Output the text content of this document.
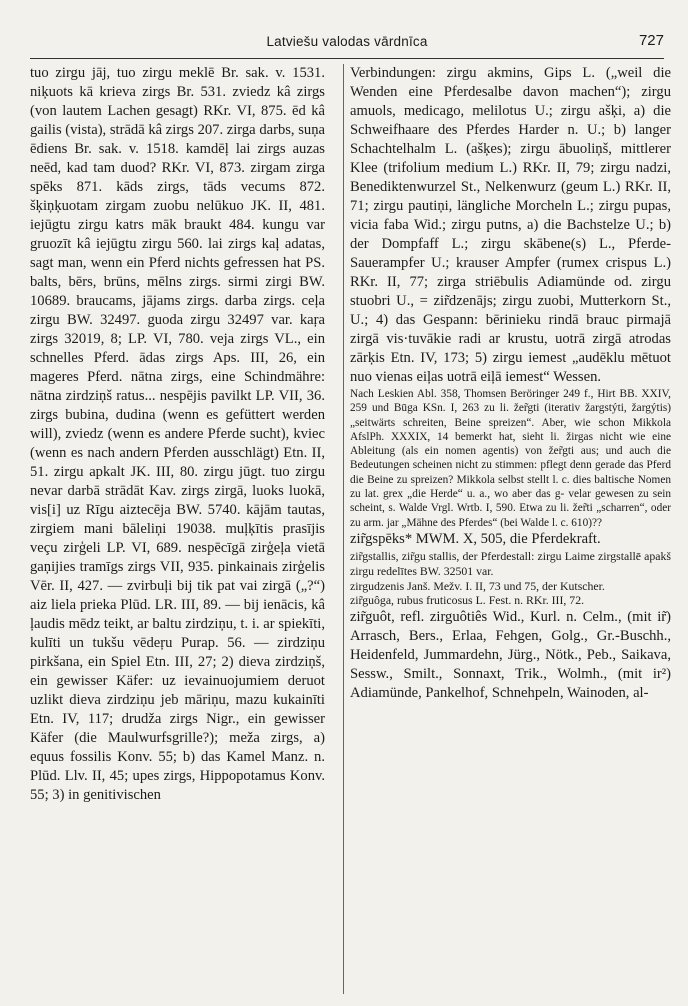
Latviešu valodas vārdnīca	727

tuo zirgu jāj, tuo zirgu meklē Br. sak. v. 1531. niķuots kā krieva zirgs Br. 531. zviedz kâ zirgs (von lautem Lachen gesagt) RKr. VI, 875. ēd kâ gailis (vista), strādā kâ zirgs 207. zirga darbs, suņa ēdiens Br. sak. v. 1518. kamdēļ lai zirgs auzas neēd, kad tam duod? RKr. VI, 873. zirgam zirga spēks 871. kāds zirgs, tāds vecums 872. šķiņķuotam zirgam zuobu nelūkuo JK. II, 481. iejūgtu zirgu katrs māk braukt 484. kungu var gruozīt kâ iejūgtu zirgu 560. lai zirgs kaļ adatas, sagt man, wenn ein Pferd nichts gefressen hat PS. balts, bērs, brūns, mēlns zirgs. sirmi zirgi BW. 10689. braucams, jājams zirgs. darba zirgs. ceļa zirgu BW. 32497. guoda zirgu 32497 var. kaŗa zirgs 32019, 8; LP. VI, 780. veja zirgs VL., ein schnelles Pferd. ādas zirgs Aps. III, 26, ein mageres Pferd. nātna zirgs, eine Schindmähre: nātna zirdziņš ratus... nespējis pavilkt LP. VII, 36. zirgs bubina, dudina (wenn es gefüttert werden will), zviedz (wenn es andere Pferde sucht), kviec (wenn es nach andern Pferden ausschlägt) Etn. II, 51. zirgu apkalt JK. III, 80. zirgu jūgt. tuo zirgu nevar darbā strādāt Kav. zirgs zirgā, luoks luokā, vis[i] uz Rīgu aiztecēja BW. 5740. kājām tautas, zirgiem mani bāleliņi 19038. muļķītis prasījis veçu zirģeli LP. VI, 689. nespēcīgā zirģeļa vietā gaņijies tramīgs zirgs VII, 935. pinkainais zirģelis Vēr. II, 427. — zvirbuļi bij tik pat vai zirgā („?“) aiz liela prieka Plūd. LR. III, 89. — bij ienācis, kâ ļaudis mēdz teikt, ar baltu zirdziņu, t. i. ar spiekīti, kulīti un tukšu vēdeŗu Purap. 56. — zirdziņu pirkšana, ein Spiel Etn. III, 27; 2) dieva zirdziņš, ein gewisser Käfer: uz ievainuojumiem deruot uzlikt dieva zirdziņu jeb māriņu, mazu kukainīti Etn. IV, 117; drudža zirgs Nigr., ein gewisser Käfer (die Maulwurfsgrille?); meža zirgs, a) equus fossilis Konv. 55; b) das Kamel Manz. n. Plūd. Llv. II, 45; upes zirgs, Hippopotamus Konv. 55; 3) in genitivischen

Verbindungen: zirgu akmins, Gips L. („weil die Wenden eine Pferdesalbe davon machen“); zirgu amuols, medicago, melilotus U.; zirgu ašķi, a) die Schweifhaare des Pferdes Harder n. U.; b) langer Schachtelhalm L. (ašķes); zirgu ābuoliņš, mittlerer Klee (trifolium medium L.) RKr. II, 79; zirgu nadzi, Benediktenwurzel St., Nelkenwurz (geum L.) RKr. II, 71; zirgu pautiņi, längliche Morcheln L.; zirgu pupas, vicia faba Wid.; zirgu putns, a) die Bachstelze U.; b) der Dompfaff L.; zirgu skābene(s) L., Pferde-Sauerampfer U.; krauser Ampfer (rumex crispus L.) RKr. II, 77; zirga striēbulis Adiamünde od. zirgu stuobri U., = zir̃dzenājs; zirgu zuobi, Mutterkorn St., U.; 4) das Gespann: bērinieku rindā brauc pirmajā zirgā vis·tuvākie radi ar krustu, uotrā zirgā atrodas zārķis Etn. IV, 173; 5) zirgu iemest „audēklu mētuot nuo vienas eiļas uotrā eiļā iemest“ Wessen.

Nach Leskien Abl. 358, Thomsen Beröringer 249 f., Hirt BB. XXIV, 259 und Būga KSn. I, 263 zu li. žer̃gti (iterativ žargstýti, žargýtis) „seitwärts schreiten, Beine spreizen“. Aber, wie schon Mikkola AfslPh. XXXIX, 14 bemerkt hat, sieht li. žirgas nicht wie eine Ableitung (als ein nomen agentis) von žer̃gti aus; und auch die Bedeutungen scheinen nicht zu stimmen: pflegt denn gerade das Pferd die Beine zu spreizen? Mikkola selbst stellt l. c. dies baltische Nomen zu lat. grex „die Herde“ u. a., wo aber das g- velar gewesen zu sein scheint, s. Walde Vrgl. Wrtb. I, 590. Etwa zu li. žer̃ti „scharren“, oder zu arm. jar „Mähne des Pferdes“ (bei Walde l. c. 610)??

zir̃gspēks* MWM. X, 505, die Pferdekraft.

zir̃gstallis, zir̃gu stallis, der Pferdestall: zirgu Laime zirgstallē apakš zirgu redelītes BW. 32501 var.

zirgudzenis Janš. Mežv. I. II, 73 und 75, der Kutscher.

zir̃guôga, rubus fruticosus L. Fest. n. RKr. III, 72.

zir̃guôt, refl. zirguôtiês Wid., Kurl. n. Celm., (mit ir̃) Arrasch, Bers., Erlaa, Fehgen, Golg., Gr.-Buschh., Heidenfeld, Jummardehn, Jürg., Nötk., Peb., Saikava, Sessw., Smilt., Sonnaxt, Trik., Wolmh., (mit ir²) Adiamünde, Pankelhof, Schnehpeln, Wainoden, al-
